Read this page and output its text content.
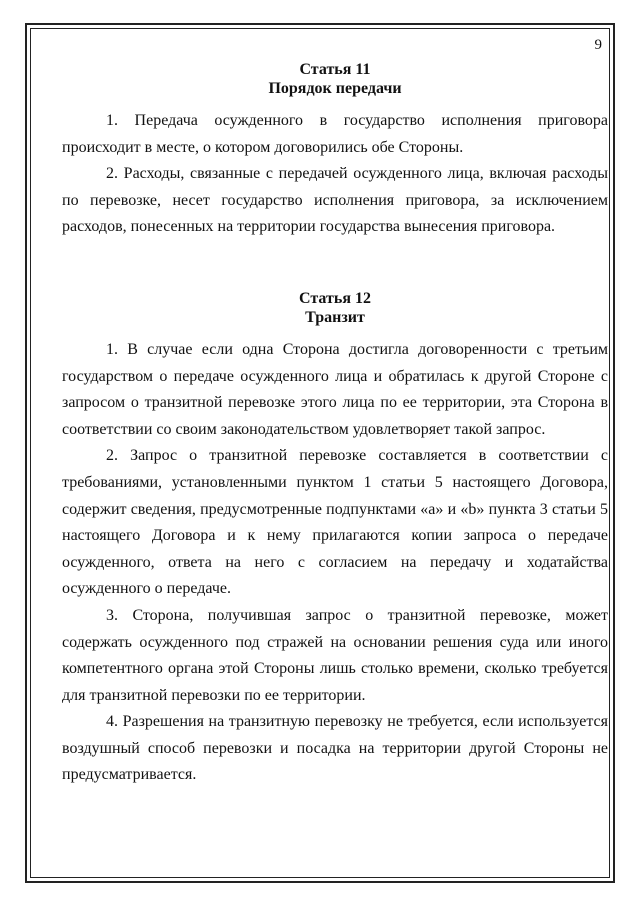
9

Статья 11

Порядок передачи

1. Передача осужденного в государство исполнения приговора происходит в месте, о котором договорились обе Стороны.

2. Расходы, связанные с передачей осужденного лица, включая расходы по перевозке, несет государство исполнения приговора, за исключением расходов, понесенных на территории государства вынесения приговора.

Статья 12

Транзит

1. В случае если одна Сторона достигла договоренности с третьим государством о передаче осужденного лица и обратилась к другой Стороне с запросом о транзитной перевозке этого лица по ее территории, эта Сторона в соответствии со своим законодательством удовлетворяет такой запрос.

2. Запрос о транзитной перевозке составляется в соответствии с требованиями, установленными пунктом 1 статьи 5 настоящего Договора, содержит сведения, предусмотренные подпунктами «a» и «b» пункта 3 статьи 5 настоящего Договора и к нему прилагаются копии запроса о передаче осужденного, ответа на него с согласием на передачу и ходатайства осужденного о передаче.

3. Сторона, получившая запрос о транзитной перевозке, может содержать осужденного под стражей на основании решения суда или иного компетентного органа этой Стороны лишь столько времени, сколько требуется для транзитной перевозки по ее территории.

4. Разрешения на транзитную перевозку не требуется, если используется воздушный способ перевозки и посадка на территории другой Стороны не предусматривается.
